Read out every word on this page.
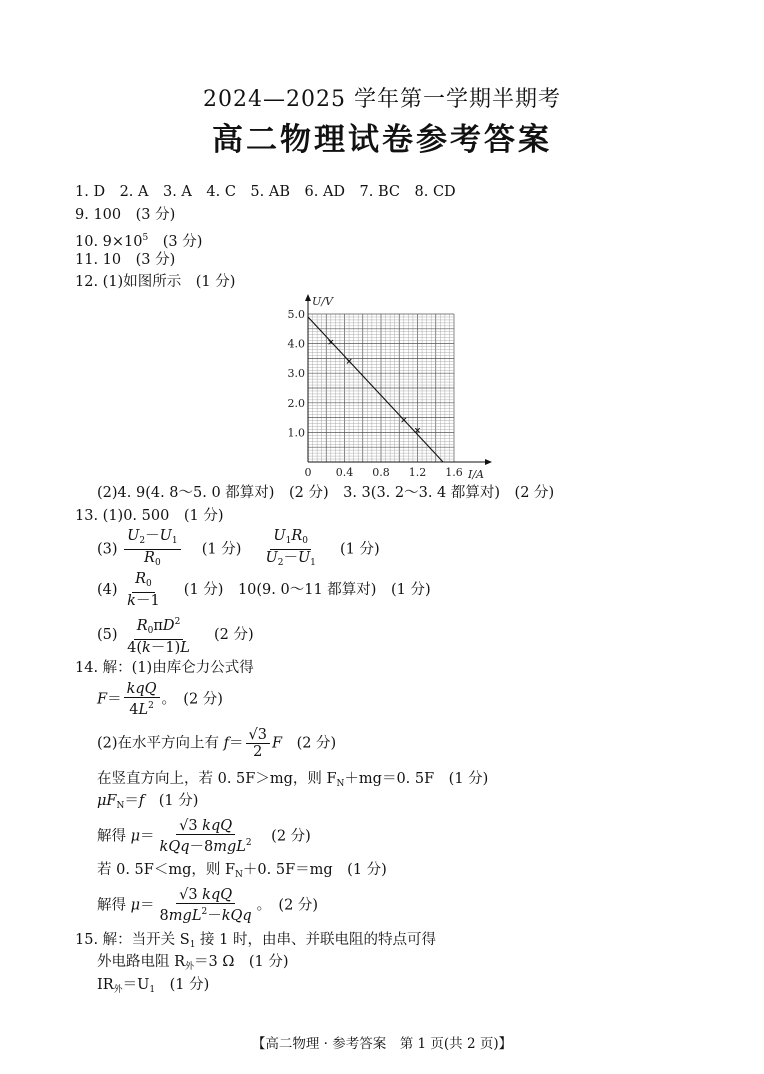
2024—2025 学年第一学期半期考
高二物理试卷参考答案
1. D　2. A　3. A　4. C　5. AB　6. AD　7. BC　8. CD
9. 100　(3 分)
10. $9\times 10^5$　(3 分)
11. 10　(3 分)
12. (1)如图所示　(1 分)
0 0.4 0.8 1.2 1.6
1.0
2.0
3.0
4.0
5.0
U/V
I/A
(2)4. 9(4. 8～5. 0 都算对)　(2 分)　3. 3(3. 2～3. 4 都算对)　(2 分)
13. (1)0. 500　(1 分)
$(3) \frac{U_2-U_1}{R_0}$
　 (1 分)　 $\frac{U_1R_0}{U_2-U_1}$
　 (1 分)
$(4) \frac{R_0}{k-1}$
　 (1 分)　 10(9. 0～11 都算对)　 (1 分)
$(5) \frac{R_0\pi D^2}{4(k-1)L}$
　 (2 分)
14. 解：(1)由库仑力公式得
$F= \frac{\text{kqQ}}{4L^2}$ 。　(2 分)
(2)在水平方向上有 $f= \frac{√3}{2}$ F　 (2 分)
在竖直方向上，若 0. 5F＞mg，则 $F_N+mg=0$. 5F　(1 分)
$\mu F_N=f$　 (1 分)
解得 $\mu= \frac{\text{√3 kqQ}}{kQq-8mgL^2}$
　 (2 分)
若 0. 5F＜mg，则 $F_N+0$. 5F＝mg　(1 分)
解得 $\mu= \frac{\text{√3 kqQ}}{8mgL^2-kQq}$ 。　(2 分)
15. 解：当开关 $S_1$ 接 1 时，由串、并联电阻的特点可得
外电路电阻 $R_外=3$ Ω　(1 分)
$IR_外=U_1$　(1 分)
【高二物理 · 参考答案　第 1 页(共 2 页)】
